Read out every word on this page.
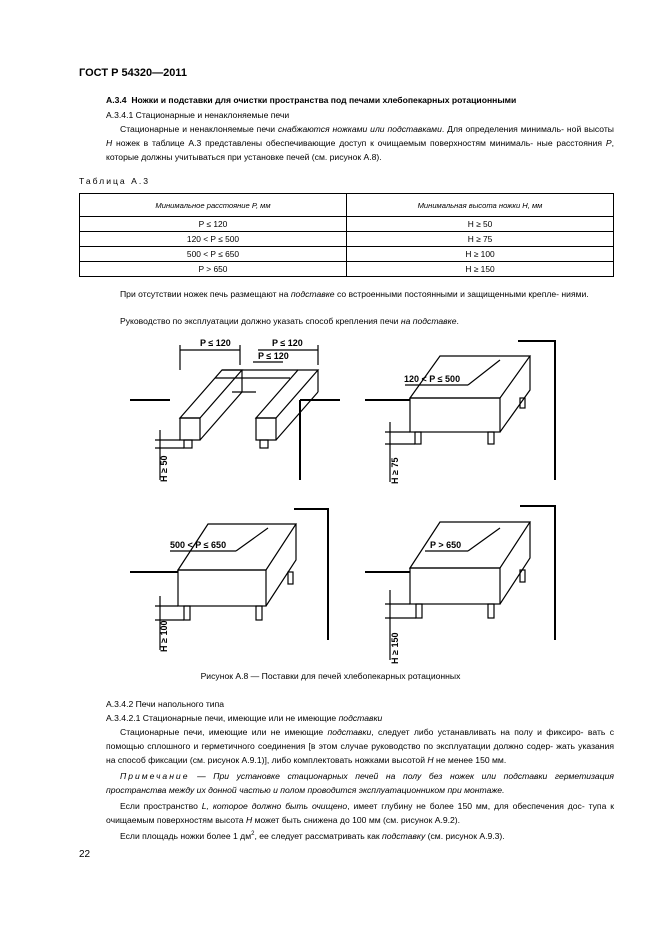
ГОСТ Р 54320—2011
А.3.4 Ножки и подставки для очистки пространства под печами хлебопекарных ротационными
А.3.4.1 Стационарные и ненаклоняемые печи
Стационарные и ненаклоняемые печи снабжаются ножками или подставками. Для определения минималь- ной высоты H ножек в таблице А.3 представлены обеспечивающие доступ к очищаемым поверхностям минималь- ные расстояния P, которые должны учитываться при установке печей (см. рисунок А.8).
Таблица А.3
Минимальное расстояние P, мм	Минимальная высота ножки H, мм
P ≤ 120	H ≥ 50
120 < P ≤ 500	H ≥ 75
500 < P ≤ 650	H ≥ 100
P > 650	H ≥ 150
При отсутствии ножек печь размещают на подставке со встроенными постоянными и защищенными крепле- ниями.
Руководство по эксплуатации должно указать способ крепления печи на подставке.
P ≤ 120
P ≤ 120
P ≤ 120
H ≥ 50
120 < P ≤ 500
H ≥ 75
500 < P ≤ 650
H ≥ 100
P > 650
H ≥ 150
Рисунок А.8 — Поставки для печей хлебопекарных ротационных
А.3.4.2 Печи напольного типа
А.3.4.2.1 Стационарные печи, имеющие или не имеющие подставки
Стационарные печи, имеющие или не имеющие подставки, следует либо устанавливать на полу и фиксиро- вать с помощью сплошного и герметичного соединения [в этом случае руководство по эксплуатации должно содер- жать указания на способ фиксации (см. рисунок А.9.1)], либо комплектовать ножками высотой H не менее 150 мм.
Примечание — При установке стационарных печей на полу без ножек или подставки герметизация пространства между их донной частью и полом проводится эксплуатационником при монтаже.
Если пространство L, которое должно быть очищено, имеет глубину не более 150 мм, для обеспечения дос- тупа к очищаемым поверхностям высота H может быть снижена до 100 мм (см. рисунок А.9.2).
Если площадь ножки более 1 $дм^2$, ее следует рассматривать как подставку (см. рисунок А.9.3).
22
